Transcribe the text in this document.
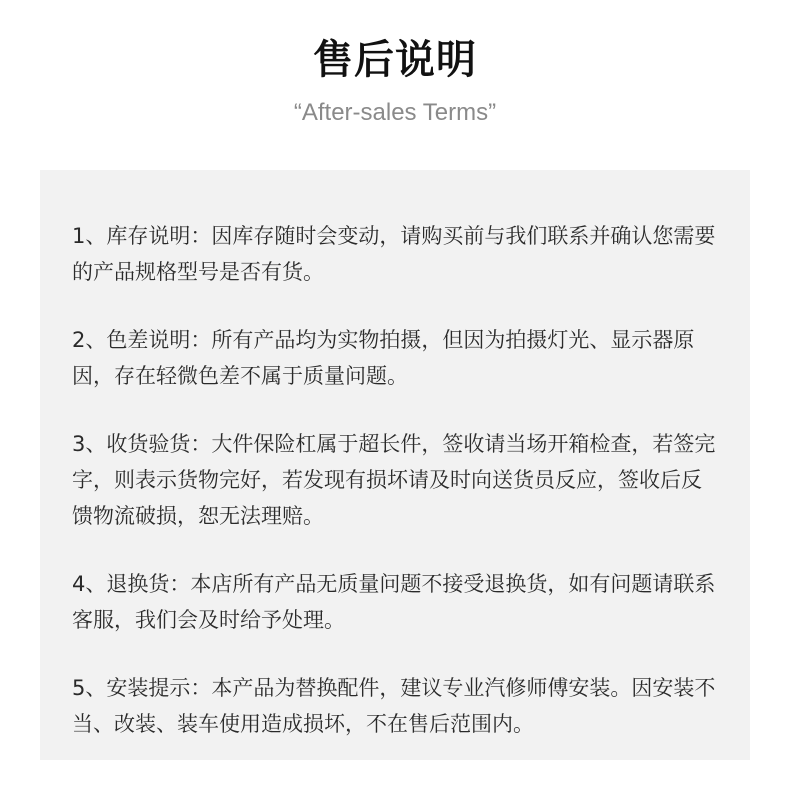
售后说明
“After-sales Terms”

1、库存说明：因库存随时会变动，请购买前与我们联系并确认您需要的产品规格型号是否有货。

2、色差说明：所有产品均为实物拍摄，但因为拍摄灯光、显示器原因，存在轻微色差不属于质量问题。

3、收货验货：大件保险杠属于超长件，签收请当场开箱检查，若签完字，则表示货物完好，若发现有损坏请及时向送货员反应，签收后反馈物流破损，恕无法理赔。

4、退换货：本店所有产品无质量问题不接受退换货，如有问题请联系客服，我们会及时给予处理。

5、安装提示：本产品为替换配件，建议专业汽修师傅安装。因安装不当、改装、装车使用造成损坏，不在售后范围内。
